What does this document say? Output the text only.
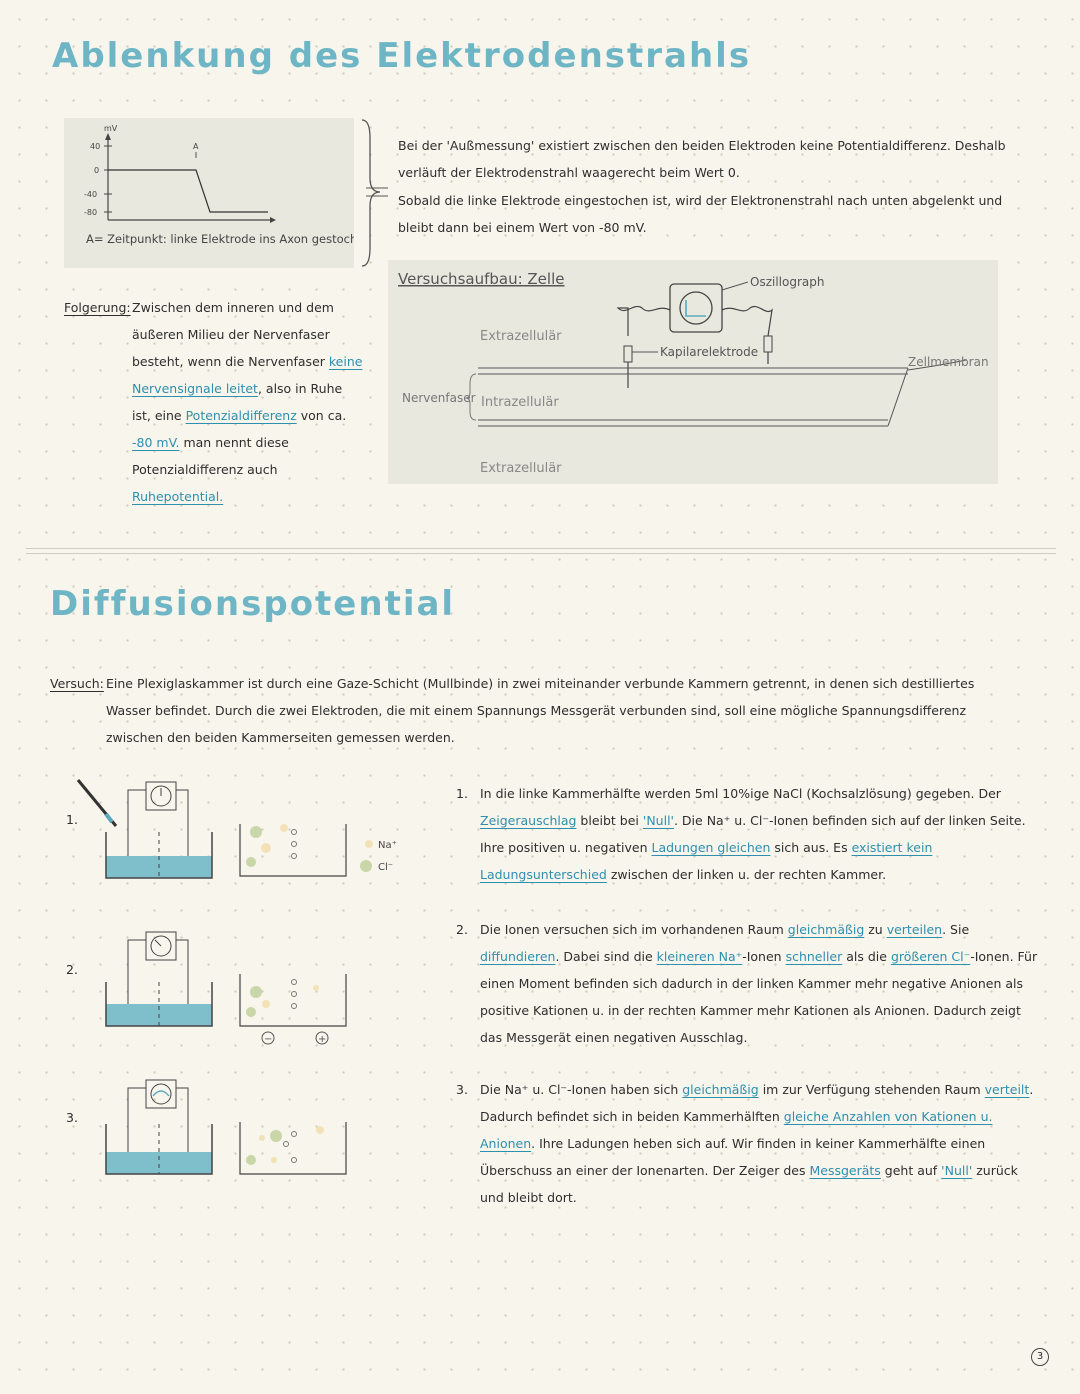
Ablenkung des Elektrodenstrahls
mV
40
0
-40
-80
A
A= Zeitpunkt: linke Elektrode ins Axon gestochen
Bei der 'Außmessung' existiert zwischen den beiden Elektroden keine Potentialdifferenz. Deshalb verläuft der Elektrodenstrahl waagerecht beim Wert 0.
Sobald die linke Elektrode eingestochen ist, wird der Elektronenstrahl nach unten abgelenkt und bleibt dann bei einem Wert von -80 mV.
Versuchsaufbau: Zelle	Oszillograph
Kapilarelektrode
Zellmembran
Extrazellulär
Intrazellulär
Extrazellulär
Nervenfaser
Folgerung: Zwischen dem inneren und dem äußeren Milieu der Nervenfaser besteht, wenn die Nervenfaser keine Nervensignale leitet, also in Ruhe ist, eine Potenzialdifferenz von ca. -80 mV. man nennt diese Potenzialdifferenz auch Ruhepotential.
Diffusionspotential
Versuch: Eine Plexiglaskammer ist durch eine Gaze-Schicht (Mullbinde) in zwei miteinander verbunde Kammern getrennt, in denen sich destilliertes Wasser befindet. Durch die zwei Elektroden, die mit einem Spannungs Messgerät verbunden sind, soll eine mögliche Spannungsdifferenz zwischen den beiden Kammerseiten gemessen werden.
1.
Na⁺
Cl⁻
2.
−	+
3.
1. In die linke Kammerhälfte werden 5ml 10%ige NaCl (Kochsalzlösung) gegeben. Der Zeigerauschlag bleibt bei 'Null'. Die Na⁺ u. Cl⁻-Ionen befinden sich auf der linken Seite. Ihre positiven u. negativen Ladungen gleichen sich aus. Es existiert kein Ladungsunterschied zwischen der linken u. der rechten Kammer.
2. Die Ionen versuchen sich im vorhandenen Raum gleichmäßig zu verteilen. Sie diffundieren. Dabei sind die kleineren Na⁺-Ionen schneller als die größeren Cl⁻-Ionen. Für einen Moment befinden sich dadurch in der linken Kammer mehr negative Anionen als positive Kationen u. in der rechten Kammer mehr Kationen als Anionen. Dadurch zeigt das Messgerät einen negativen Ausschlag.
3. Die Na⁺ u. Cl⁻-Ionen haben sich gleichmäßig im zur Verfügung stehenden Raum verteilt. Dadurch befindet sich in beiden Kammerhälften gleiche Anzahlen von Kationen u. Anionen. Ihre Ladungen heben sich auf. Wir finden in keiner Kammerhälfte einen Überschuss an einer der Ionenarten. Der Zeiger des Messgeräts geht auf 'Null' zurück und bleibt dort.
3
